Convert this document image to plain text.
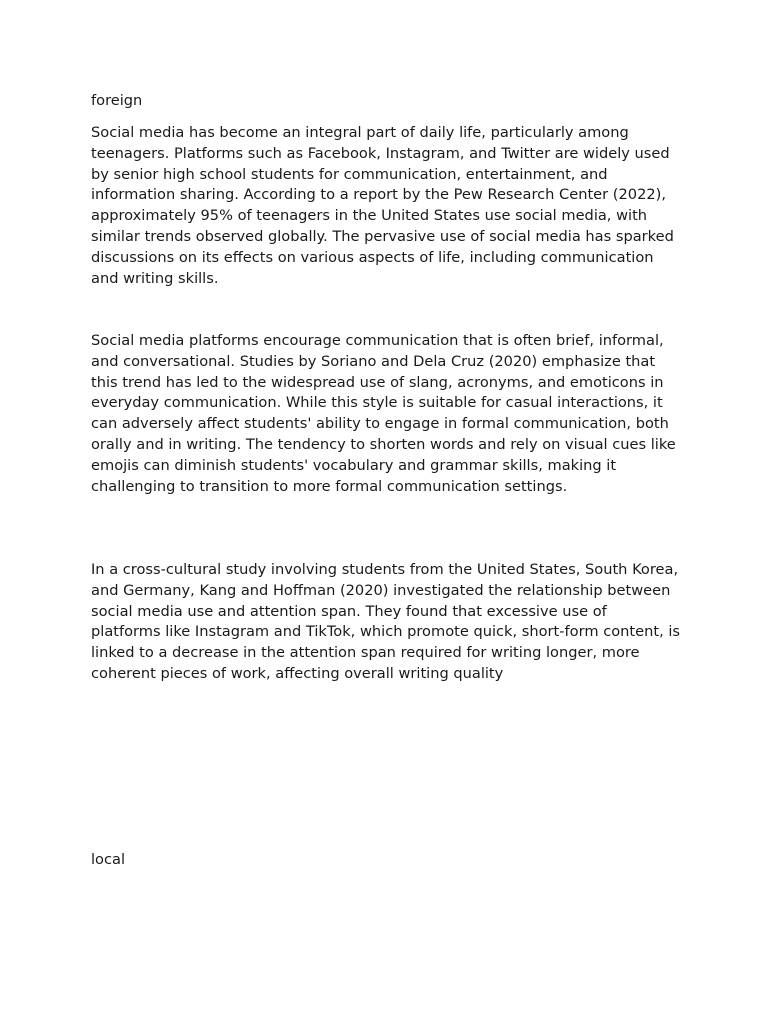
foreign

Social media has become an integral part of daily life, particularly among teenagers. Platforms such as Facebook, Instagram, and Twitter are widely used by senior high school students for communication, entertainment, and information sharing. According to a report by the Pew Research Center (2022), approximately 95% of teenagers in the United States use social media, with similar trends observed globally. The pervasive use of social media has sparked discussions on its effects on various aspects of life, including communication and writing skills.

Social media platforms encourage communication that is often brief, informal, and conversational. Studies by Soriano and Dela Cruz (2020) emphasize that this trend has led to the widespread use of slang, acronyms, and emoticons in everyday communication. While this style is suitable for casual interactions, it can adversely affect students' ability to engage in formal communication, both orally and in writing. The tendency to shorten words and rely on visual cues like emojis can diminish students' vocabulary and grammar skills, making it challenging to transition to more formal communication settings.

In a cross-cultural study involving students from the United States, South Korea, and Germany, Kang and Hoffman (2020) investigated the relationship between social media use and attention span. They found that excessive use of platforms like Instagram and TikTok, which promote quick, short-form content, is linked to a decrease in the attention span required for writing longer, more coherent pieces of work, affecting overall writing quality

local
